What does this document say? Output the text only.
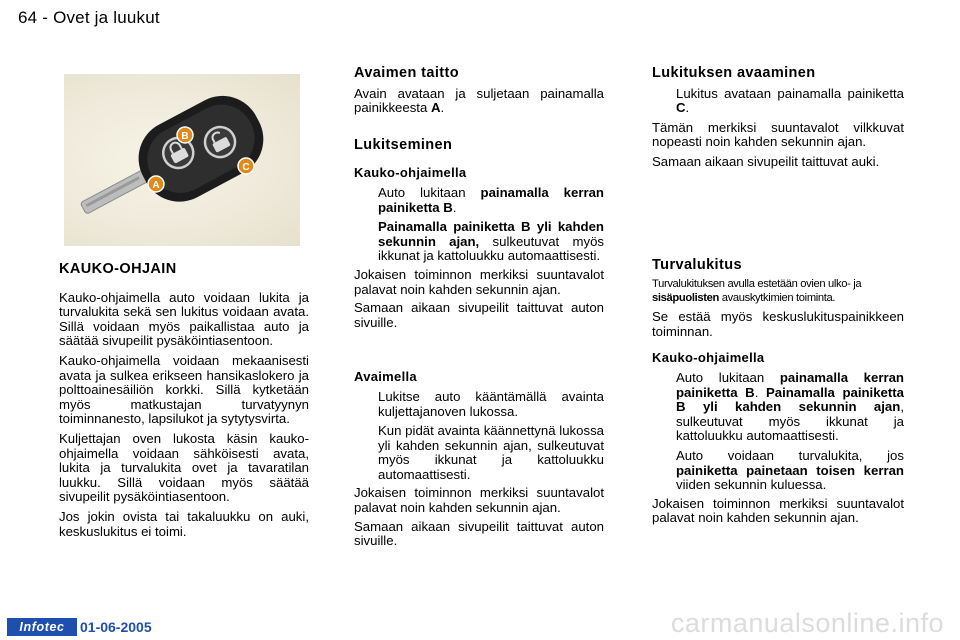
64 - Ovet ja luukut
A
B
C
KAUKO-OHJAIN

Kauko-ohjaimella auto voidaan lukita ja turvalukita sekä sen lukitus voidaan avata. Sillä voidaan myös paikallistaa auto ja säätää sivupeilit pysäköintiasentoon.

Kauko-ohjaimella voidaan mekaanisesti avata ja sulkea erikseen hansikaslokero ja polttoainesäiliön korkki. Sillä kytketään myös matkustajan turvatyynyn toiminnanesto, lapsilukot ja sytytysvirta.

Kuljettajan oven lukosta käsin kauko-ohjaimella voidaan sähköisesti avata, lukita ja turvalukita ovet ja tavaratilan luukku. Sillä voidaan myös säätää sivupeilit pysäköintiasentoon.

Jos jokin ovista tai takaluukku on auki, keskuslukitus ei toimi.

Avaimen taitto

Avain avataan ja suljetaan painamalla painikkeesta A.

Lukitseminen
Kauko-ohjaimella
Auto lukitaan painamalla kerran painiketta B.
Painamalla painiketta B yli kahden sekunnin ajan, sulkeutuvat myös ikkunat ja kattoluukku automaattisesti.

Jokaisen toiminnon merkiksi suuntavalot palavat noin kahden sekunnin ajan.

Samaan aikaan sivupeilit taittuvat auton sivuille.

Avaimella
Lukitse auto kääntämällä avainta kuljettajanoven lukossa.
Kun pidät avainta käännettynä lukossa yli kahden sekunnin ajan, sulkeutuvat myös ikkunat ja kattoluukku automaattisesti.

Jokaisen toiminnon merkiksi suuntavalot palavat noin kahden sekunnin ajan.

Samaan aikaan sivupeilit taittuvat auton sivuille.

Lukituksen avaaminen
Lukitus avataan painamalla painiketta C.

Tämän merkiksi suuntavalot vilkkuvat nopeasti noin kahden sekunnin ajan.

Samaan aikaan sivupeilit taittuvat auki.

Turvalukitus

Turvalukituksen avulla estetään ovien ulko- ja sisäpuolisten avauskytkimien toiminta.

Se estää myös keskuslukituspainikkeen toiminnan.

Kauko-ohjaimella
Auto lukitaan painamalla kerran painiketta B. Painamalla painiketta B yli kahden sekunnin ajan, sulkeutuvat myös ikkunat ja kattoluukku automaattisesti.
Auto voidaan turvalukita, jos painiketta painetaan toisen kerran viiden sekunnin kuluessa.

Jokaisen toiminnon merkiksi suuntavalot palavat noin kahden sekunnin ajan.

Infotec	01-06-2005	carmanualsonline.info
